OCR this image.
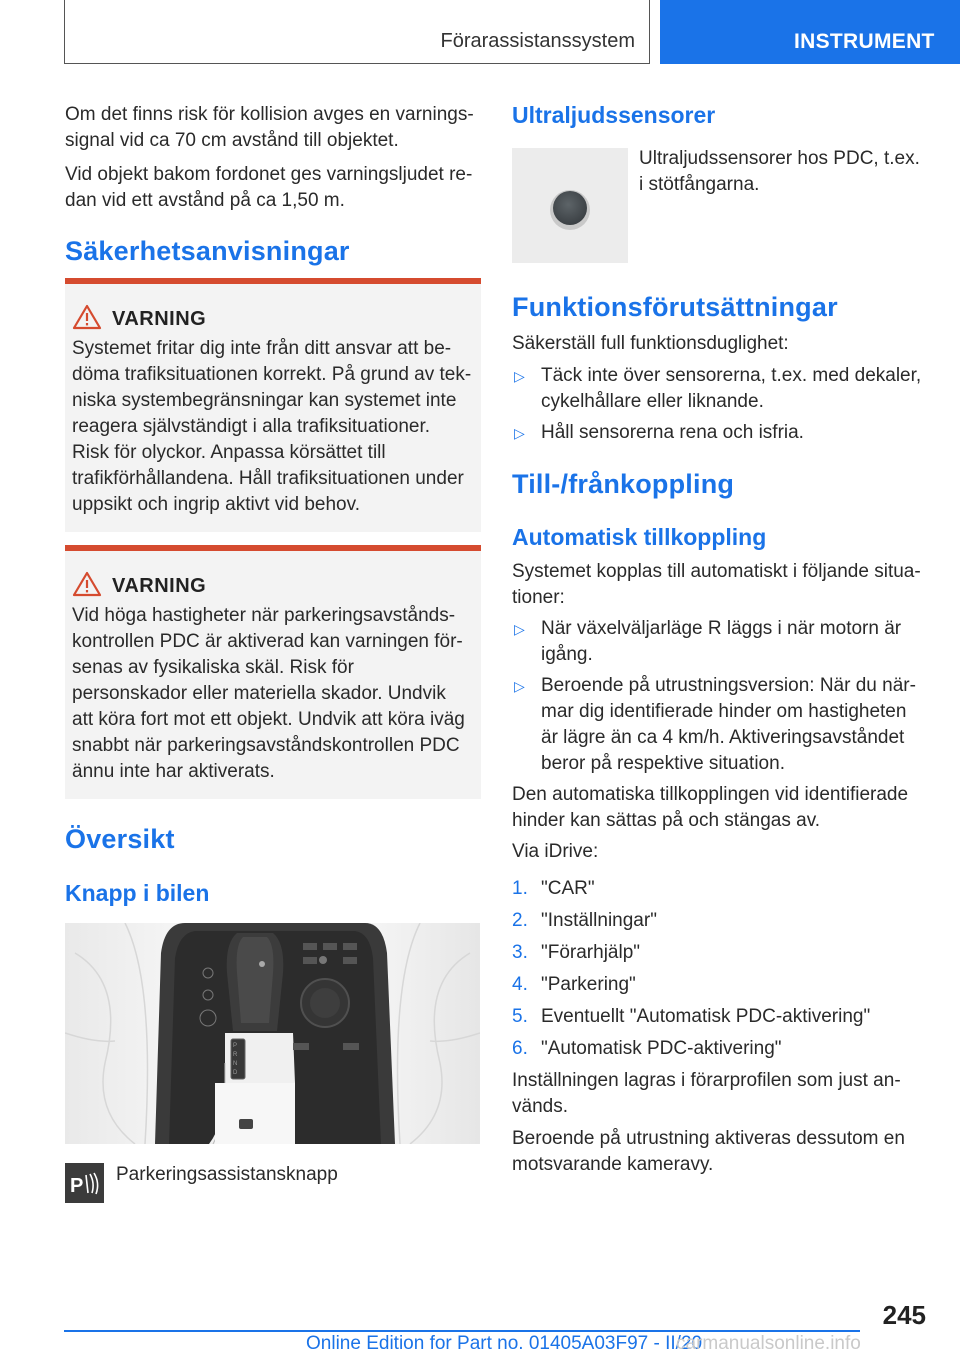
Förarassistanssystem	INSTRUMENT
Om det finns risk för kollision avges en varningssignal vid ca 70 cm avstånd till objektet.
Vid objekt bakom fordonet ges varningsljudet redan vid ett avstånd på ca 1,50 m.
Säkerhetsanvisningar
VARNING
Systemet fritar dig inte från ditt ansvar att bedöma trafiksituationen korrekt. På grund av tekniska systembegränsningar kan systemet inte reagera självständigt i alla trafiksituationer. Risk för olyckor. Anpassa körsättet till trafikförhållandena. Håll trafiksituationen under uppsikt och ingrip aktivt vid behov.
VARNING
Vid höga hastigheter när parkeringsavståndskontrollen PDC är aktiverad kan varningen försenas av fysikaliska skäl. Risk för personskador eller materiella skador. Undvik att köra fort mot ett objekt. Undvik att köra iväg snabbt när parkeringsavståndskontrollen PDC ännu inte har aktiverats.
Översikt
Knapp i bilen
P
R
N
D
P
Parkeringsassistansknapp
Ultraljudssensorer
Ultraljudssensorer hos PDC, t.ex. i stötfångarna.
Funktionsförutsättningar
Säkerställ full funktionsduglighet:
▷ Täck inte över sensorerna, t.ex. med dekaler, cykelhållare eller liknande.
▷ Håll sensorerna rena och isfria.
Till-/frånkoppling
Automatisk tillkoppling
Systemet kopplas till automatiskt i följande situationer:
▷ När växelväljarläge R läggs i när motorn är igång.
▷ Beroende på utrustningsversion: När du närmar dig identifierade hinder om hastigheten är lägre än ca 4 km/h. Aktiveringsavståndet beror på respektive situation.
Den automatiska tillkopplingen vid identifierade hinder kan sättas på och stängas av.
Via iDrive:
1. "CAR"
2. "Inställningar"
3. "Förarhjälp"
4. "Parkering"
5. Eventuellt "Automatisk PDC-aktivering"
6. "Automatisk PDC-aktivering"
Inställningen lagras i förarprofilen som just används.
Beroende på utrustning aktiveras dessutom en motsvarande kameravy.
245
Online Edition for Part no. 01405A03F97 - II/20
carmanualsonline.info
